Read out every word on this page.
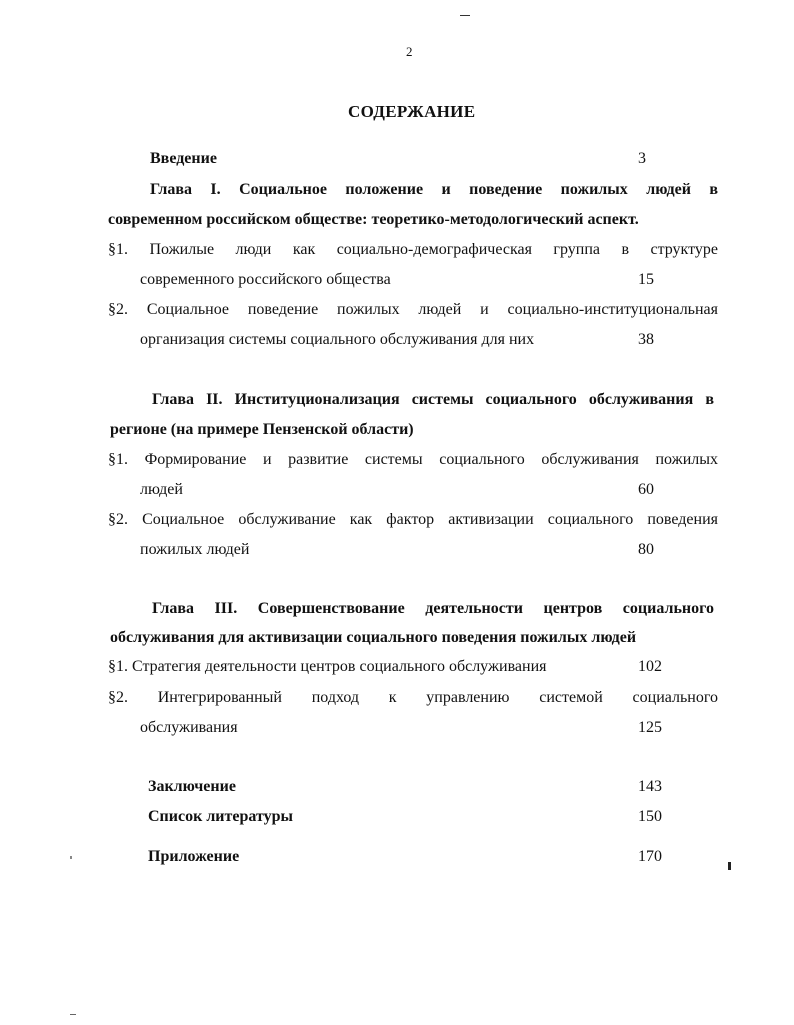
2
СОДЕРЖАНИЕ
Введение	3
Глава I. Социальное положение и поведение пожилых людей в
современном российском обществе: теоретико-методологический аспект.
§1. Пожилые люди как социально-демографическая группа в структуре
современного российского общества	15
§2. Социальное поведение пожилых людей и социально-институциональная
организация системы социального обслуживания для них	38
Глава II. Институционализация системы социального обслуживания в
регионе (на примере Пензенской области)
§1. Формирование и развитие системы социального обслуживания пожилых
людей	60
§2. Социальное обслуживание как фактор активизации социального поведения
пожилых людей	80
Глава III. Совершенствование деятельности центров социального
обслуживания для активизации социального поведения пожилых людей
§1. Стратегия деятельности центров социального обслуживания	102
§2. Интегрированный подход к управлению системой социального
обслуживания	125
Заключение	143
Список литературы	150
Приложение	170
